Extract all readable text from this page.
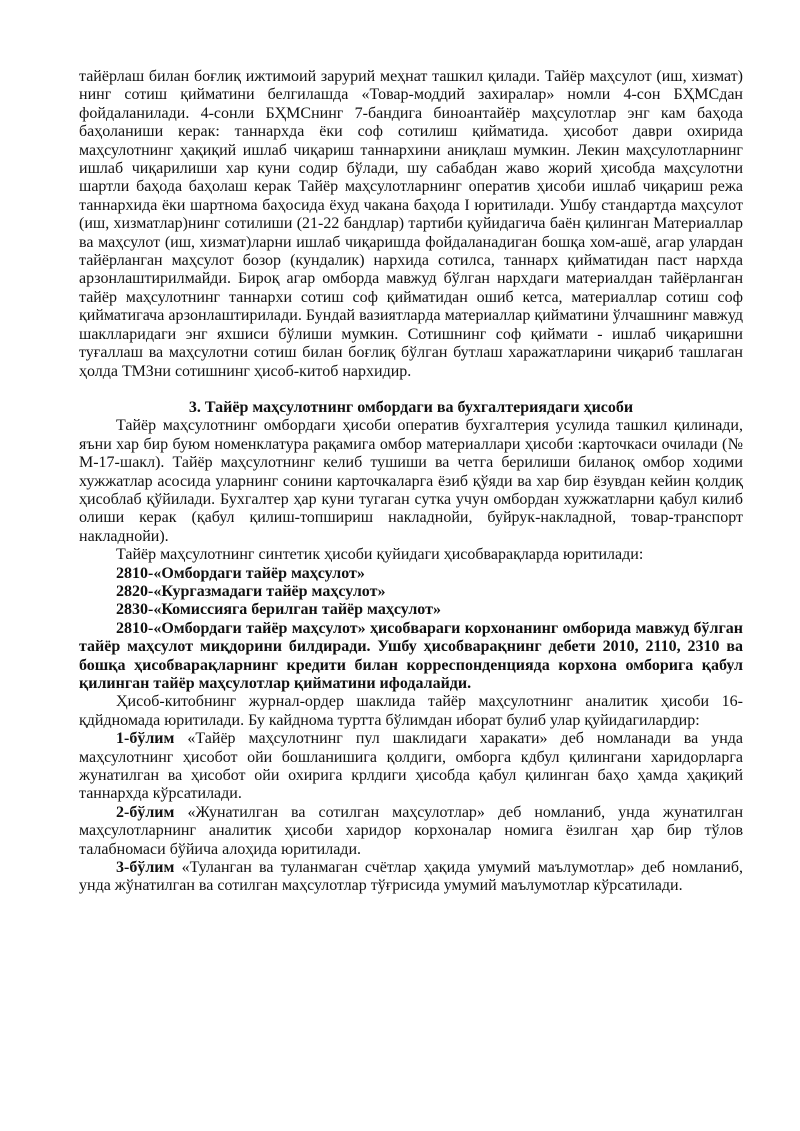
тайёрлаш билан боғлиқ ижтимоий зарурий меҳнат ташкил қилади. Тайёр маҳсулот (иш, хизмат) нинг сотиш қийматини белгилашда «Товар-моддий захиралар» номли 4-сон БҲМСдан фойдаланилади. 4-сонли БҲМСнинг 7-бандига биноантайёр маҳсулотлар энг кам баҳода баҳоланиши керак: таннархда ёки соф сотилиш қийматида. ҳисобот даври охирида маҳсулотнинг ҳақиқий ишлаб чиқариш таннархини аниқлаш мумкин. Лекин маҳсулотларнинг ишлаб чиқарилиши хар куни содир бўлади, шу сабабдан жаво жорий ҳисобда маҳсулотни шартли баҳода баҳолаш керак Тайёр маҳсулотларнинг оператив ҳисоби ишлаб чиқариш режа таннархида ёки шартнома баҳосида ёхуд чакана баҳода I юритилади. Ушбу стандартда маҳсулот (иш, хизматлар)нинг сотилиши (21-22 бандлар) тартиби қуйидагича баён қилинган Материаллар ва маҳсулот (иш, хизмат)ларни ишлаб чиқаришда фойдаланадиган бошқа хом-ашё, агар улардан тайёрланган маҳсулот бозор (кундалик) нархида сотилса, таннарх қийматидан паст нархда арзонлаштирилмайди. Бироқ агар омборда мавжуд бўлган нархдаги материалдан тайёрланган тайёр маҳсулотнинг таннархи сотиш соф қийматидан ошиб кетса, материаллар сотиш соф қийматигача арзонлаштирилади. Бундай вазиятларда материаллар қийматини ўлчашнинг мавжуд шаклларидаги энг яхшиси бўлиши мумкин. Сотишнинг соф қиймати - ишлаб чиқаришни туғаллаш ва маҳсулотни сотиш билан боғлиқ бўлган бутлаш харажатларини чиқариб ташлаган ҳолда ТМЗни сотишнинг ҳисоб-китоб нархидир.

3. Тайёр маҳсулотнинг омбордаги ва бухгалтериядаги ҳисоби

Тайёр маҳсулотнинг омбордаги ҳисоби оператив бухгалтерия усулида ташкил қилинади, яъни хар бир буюм номенклатура рақамига омбор материаллари ҳисоби :карточкаси очилади (№ М-17-шакл). Тайёр маҳсулотнинг келиб тушиши ва четга берилиши биланоқ омбор ходими хужжатлар асосида уларнинг сонини карточкаларга ёзиб қўяди ва хар бир ёзувдан кейин қолдиқ ҳисоблаб қўйилади. Бухгалтер ҳар куни тугаган сутка учун омбордан хужжатларни қабул килиб олиши керак (қабул қилиш-топшириш накладнойи, буйрук-накладной, товар-транспорт накладнойи).

Тайёр маҳсулотнинг синтетик ҳисоби қуйидаги ҳисобварақларда юритилади:

2810-«Омбордаги тайёр маҳсулот»

2820-«Кургазмадаги тайёр маҳсулот»

2830-«Комиссияга берилган тайёр маҳсулот»

2810-«Омбордаги тайёр маҳсулот» ҳисобвараги корхонанинг омборида мавжуд бўлган тайёр маҳсулот миқдорини билдиради. Ушбу ҳисобварақнинг дебети 2010, 2110, 2310 ва бошқа ҳисобварақларнинг кредити билан корреспонденцияда корхона омборига қабул қилинган тайёр маҳсулотлар қийматини ифодалайди.

Ҳисоб-китобнинг журнал-ордер шаклида тайёр маҳсулотнинг аналитик ҳисоби 16-қдйдномада юритилади. Бу кайднома туртта бўлимдан иборат булиб улар қуйидагилардир:

1-бўлим «Тайёр маҳсулотнинг пул шаклидаги харакати» деб номланади ва унда маҳсулотнинг ҳисобот ойи бошланишига қолдиги, омборга кдбул қилингани харидорларга жунатилган ва ҳисобот ойи охирига крлдиги ҳисобда қабул қилинган баҳо ҳамда ҳақиқий таннархда кўрсатилади.

2-бўлим «Жунатилган ва сотилган маҳсулотлар» деб номланиб, унда жунатилган маҳсулотларнинг аналитик ҳисоби харидор корхоналар номига ёзилган ҳар бир тўлов талабномаси бўйича алоҳида юритилади.

3-бўлим «Туланган ва туланмаган счётлар ҳақида умумий маълумотлар» деб номланиб, унда жўнатилган ва сотилган маҳсулотлар тўғрисида умумий маълумотлар кўрсатилади.
